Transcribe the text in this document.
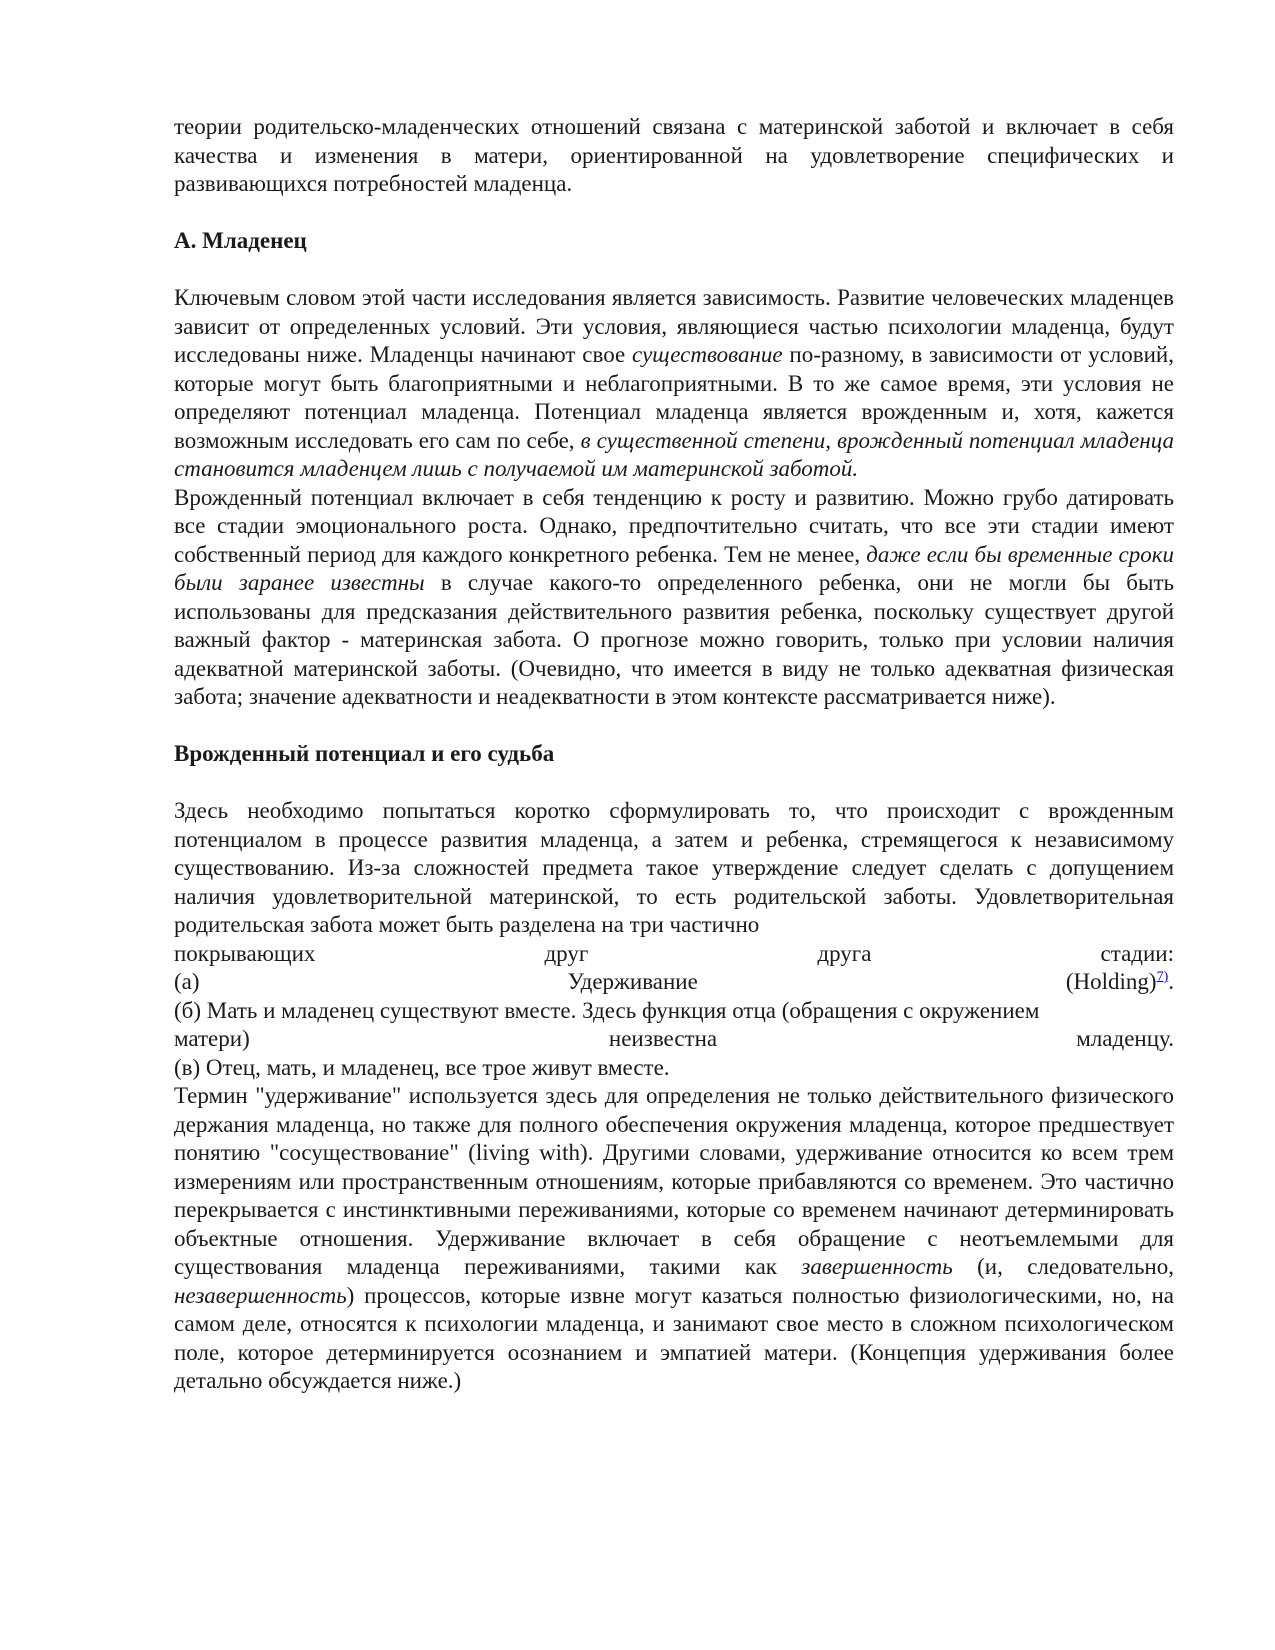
теории родительско-младенческих отношений связана с материнской заботой и включает в себя качества и изменения в матери, ориентированной на удовлетворение специфических и развивающихся потребностей младенца.

А. Младенец

Ключевым словом этой части исследования является зависимость. Развитие человеческих младенцев зависит от определенных условий. Эти условия, являющиеся частью психологии младенца, будут исследованы ниже. Младенцы начинают свое существование по-разному, в зависимости от условий, которые могут быть благоприятными и неблагоприятными. В то же самое время, эти условия не определяют потенциал младенца. Потенциал младенца является врожденным и, хотя, кажется возможным исследовать его сам по себе, в существенной степени, врожденный потенциал младенца становится младенцем лишь с получаемой им материнской заботой.

Врожденный потенциал включает в себя тенденцию к росту и развитию. Можно грубо датировать все стадии эмоционального роста. Однако, предпочтительно считать, что все эти стадии имеют собственный период для каждого конкретного ребенка. Тем не менее, даже если бы временные сроки были заранее известны в случае какого-то определенного ребенка, они не могли бы быть использованы для предсказания действительного развития ребенка, поскольку существует другой важный фактор - материнская забота. О прогнозе можно говорить, только при условии наличия адекватной материнской заботы. (Очевидно, что имеется в виду не только адекватная физическая забота; значение адекватности и неадекватности в этом контексте рассматривается ниже).

Врожденный потенциал и его судьба

Здесь необходимо попытаться коротко сформулировать то, что происходит с врожденным потенциалом в процессе развития младенца, а затем и ребенка, стремящегося к независимому существованию. Из-за сложностей предмета такое утверждение следует сделать с допущением наличия удовлетворительной материнской, то есть родительской заботы. Удовлетворительная родительская забота может быть разделена на три частично

покрывающих	друг	друга	стадии:
(а)	Удерживание	(Holding)$^{7)}$.

(б) Мать и младенец существуют вместе. Здесь функция отца (обращения с окружением

матери)	неизвестна	младенцу.

(в) Отец, мать, и младенец, все трое живут вместе.

Термин "удерживание" используется здесь для определения не только действительного физического держания младенца, но также для полного обеспечения окружения младенца, которое предшествует понятию "сосуществование" (living with). Другими словами, удерживание относится ко всем трем измерениям или пространственным отношениям, которые прибавляются со временем. Это частично перекрывается с инстинктивными переживаниями, которые со временем начинают детерминировать объектные отношения. Удерживание включает в себя обращение с неотъемлемыми для существования младенца переживаниями, такими как завершенность (и, следовательно, незавершенность) процессов, которые извне могут казаться полностью физиологическими, но, на самом деле, относятся к психологии младенца, и занимают свое место в сложном психологическом поле, которое детерминируется осознанием и эмпатией матери. (Концепция удерживания более детально обсуждается ниже.)
